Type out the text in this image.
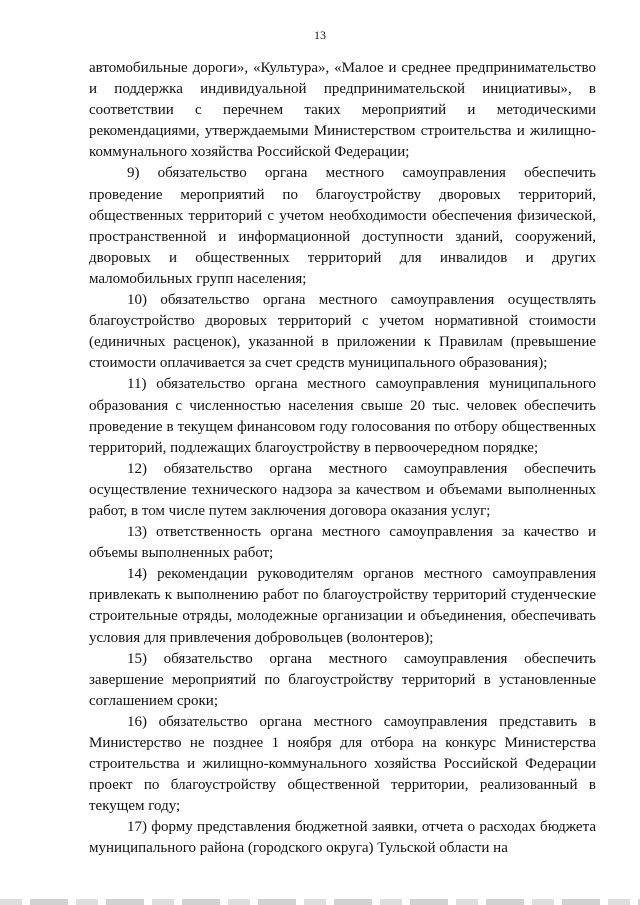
13

автомобильные дороги», «Культура», «Малое и среднее предпринимательство и поддержка индивидуальной предпринимательской инициативы», в соответствии с перечнем таких мероприятий и методическими рекомендациями, утверждаемыми Министерством строительства и жилищно-коммунального хозяйства Российской Федерации;

9) обязательство органа местного самоуправления обеспечить проведение мероприятий по благоустройству дворовых территорий, общественных территорий с учетом необходимости обеспечения физической, пространственной и информационной доступности зданий, сооружений, дворовых и общественных территорий для инвалидов и других маломобильных групп населения;

10) обязательство органа местного самоуправления осуществлять благоустройство дворовых территорий с учетом нормативной стоимости (единичных расценок), указанной в приложении к Правилам (превышение стоимости оплачивается за счет средств муниципального образования);

11) обязательство органа местного самоуправления муниципального образования с численностью населения свыше 20 тыс. человек обеспечить проведение в текущем финансовом году голосования по отбору общественных территорий, подлежащих благоустройству в первоочередном порядке;

12) обязательство органа местного самоуправления обеспечить осуществление технического надзора за качеством и объемами выполненных работ, в том числе путем заключения договора оказания услуг;

13) ответственность органа местного самоуправления за качество и объемы выполненных работ;

14) рекомендации руководителям органов местного самоуправления привлекать к выполнению работ по благоустройству территорий студенческие строительные отряды, молодежные организации и объединения, обеспечивать условия для привлечения добровольцев (волонтеров);

15) обязательство органа местного самоуправления обеспечить завершение мероприятий по благоустройству территорий в установленные соглашением сроки;

16) обязательство органа местного самоуправления представить в Министерство не позднее 1 ноября для отбора на конкурс Министерства строительства и жилищно-коммунального хозяйства Российской Федерации проект по благоустройству общественной территории, реализованный в текущем году;

17) форму представления бюджетной заявки, отчета о расходах бюджета муниципального района (городского округа) Тульской области на
